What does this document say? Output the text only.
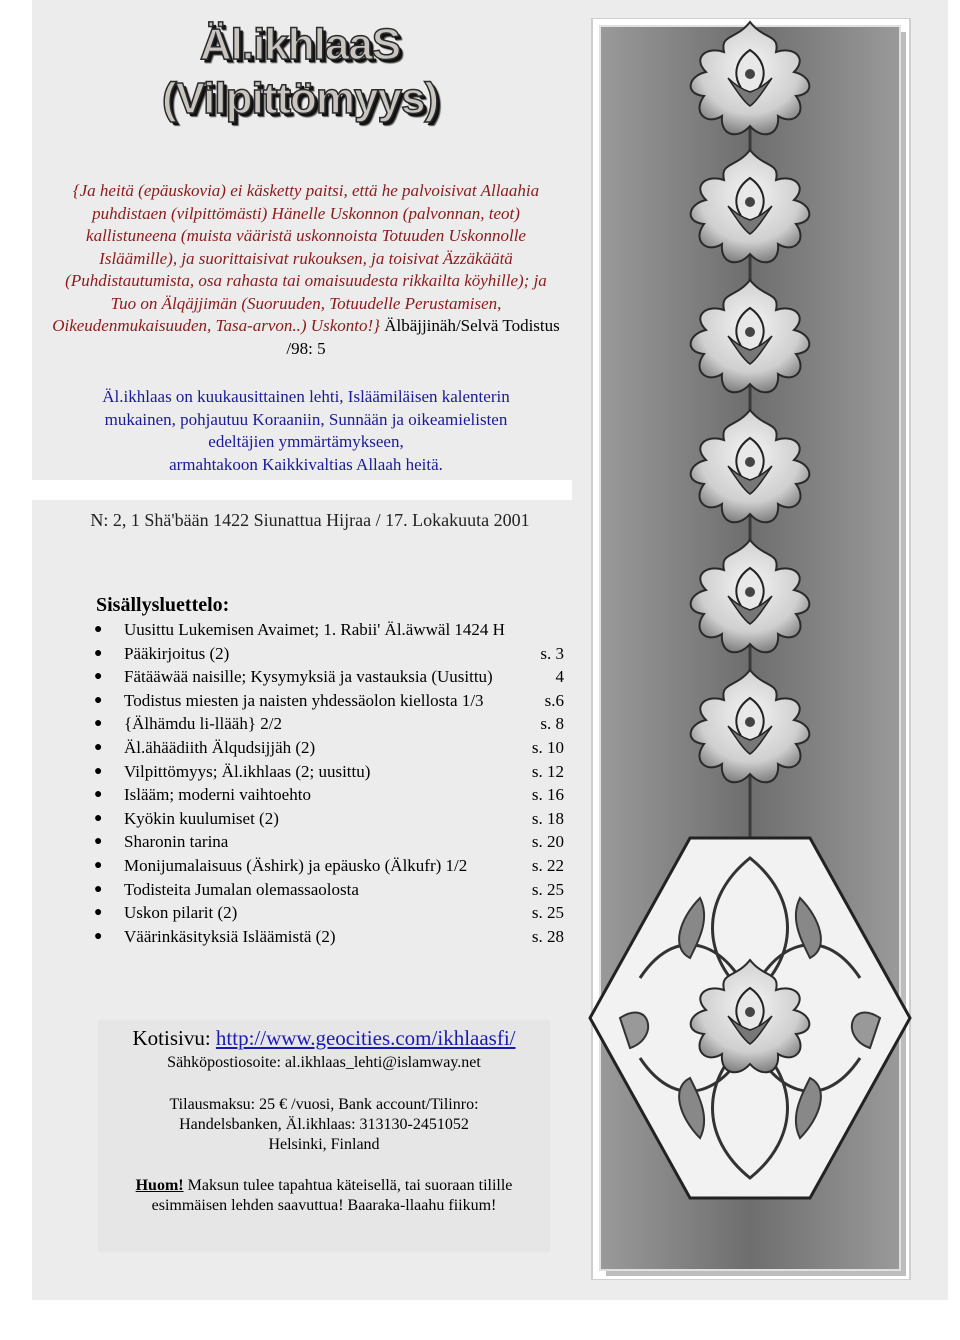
Äl.ikhlaaS
(Vilpittömyys)
{Ja heitä (epäuskovia) ei käsketty paitsi, että he palvoisivat Allaahia puhdistaen (vilpittömästi) Hänelle Uskonnon (palvonnan, teot) kallistuneena (muista vääristä uskonnoista Totuuden Uskonnolle Isläämille), ja suorittaisivat rukouksen, ja toisivat Äzzäkäätä (Puhdistautumista, osa rahasta tai omaisuudesta rikkailta köyhille); ja Tuo on Älqäjjimän (Suoruuden, Totuudelle Perustamisen, Oikeudenmukaisuuden, Tasa-arvon..) Uskonto!} Älbäjjinäh/Selvä Todistus /98: 5
Äl.ikhlaas on kuukausittainen lehti, Isläämiläisen kalenterin
mukainen, pohjautuu Koraaniin, Sunnään ja oikeamielisten
edeltäjien ymmärtämykseen,
armahtakoon Kaikkivaltias Allaah heitä.
N: 2, 1 Shä'bään 1422 Siunattua Hijraa / 17. Lokakuuta 2001
Sisällysluettelo:
● Uusittu Lukemisen Avaimet; 1. Rabii' Äl.äwwäl 1424 H
● Pääkirjoitus (2)	s. 3
● Fätääwää naisille; Kysymyksiä ja vastauksia (Uusittu)	4
● Todistus miesten ja naisten yhdessäolon kiellosta 1/3	s.6
● {Älhämdu li-llääh} 2/2	s. 8
● Äl.ähäädiith Älqudsijjäh (2)	s. 10
● Vilpittömyys; Äl.ikhlaas (2; uusittu)	s. 12
● Islääm; moderni vaihtoehto	s. 16
● Kyökin kuulumiset (2)	s. 18
● Sharonin tarina	s. 20
● Monijumalaisuus (Äshirk) ja epäusko (Älkufr) 1/2	s. 22
● Todisteita Jumalan olemassaolosta	s. 25
● Uskon pilarit (2)	s. 25
● Väärinkäsityksiä Isläämistä (2)	s. 28
Kotisivu: http://www.geocities.com/ikhlaasfi/
Sähköpostiosoite: al.ikhlaas_lehti@islamway.net
Tilausmaksu: 25 € /vuosi, Bank account/Tilinro:
Handelsbanken, Äl.ikhlaas: 313130-2451052
Helsinki, Finland
Huom! Maksun tulee tapahtua käteisellä, tai suoraan tilille
esimmäisen lehden saavuttua! Baaraka-llaahu fiikum!
